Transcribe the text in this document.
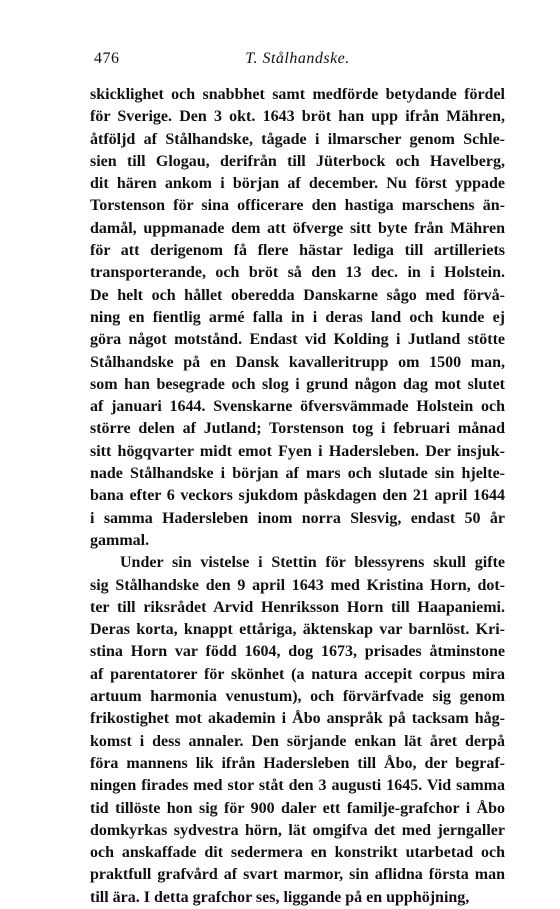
476	T. Stålhandske.
skicklighet och snabbhet samt medförde betydande fördel
för Sverige. Den 3 okt. 1643 bröt han upp ifrån Mähren,
åtföljd af Stålhandske, tågade i ilmarscher genom Schle-
sien till Glogau, derifrån till Jüterbock och Havelberg,
dit hären ankom i början af december. Nu först yppade
Torstenson för sina officerare den hastiga marschens än-
damål, uppmanade dem att öfverge sitt byte från Mähren
för att derigenom få flere hästar lediga till artilleriets
transporterande, och bröt så den 13 dec. in i Holstein.
De helt och hållet oberedda Danskarne sågo med förvå-
ning en fientlig armé falla in i deras land och kunde ej
göra något motstånd. Endast vid Kolding i Jutland stötte
Stålhandske på en Dansk kavalleritrupp om 1500 man,
som han besegrade och slog i grund någon dag mot slutet
af januari 1644. Svenskarne öfversvämmade Holstein och
större delen af Jutland; Torstenson tog i februari månad
sitt högqvarter midt emot Fyen i Hadersleben. Der insjuk-
nade Stålhandske i början af mars och slutade sin hjelte-
bana efter 6 veckors sjukdom påskdagen den 21 april 1644
i samma Hadersleben inom norra Slesvig, endast 50 år
gammal.
Under sin vistelse i Stettin för blessyrens skull gifte
sig Stålhandske den 9 april 1643 med Kristina Horn, dot-
ter till riksrådet Arvid Henriksson Horn till Haapaniemi.
Deras korta, knappt ettåriga, äktenskap var barnlöst. Kri-
stina Horn var född 1604, dog 1673, prisades åtminstone
af parentatorer för skönhet (a natura accepit corpus mira
artuum harmonia venustum), och förvärfvade sig genom
frikostighet mot akademin i Åbo anspråk på tacksam håg-
komst i dess annaler. Den sörjande enkan lät året derpå
föra mannens lik ifrån Hadersleben till Åbo, der begraf-
ningen firades med stor ståt den 3 augusti 1645. Vid samma
tid tillöste hon sig för 900 daler ett familje-grafchor i Åbo
domkyrkas sydvestra hörn, lät omgifva det med jerngaller
och anskaffade dit sedermera en konstrikt utarbetad och
praktfull grafvård af svart marmor, sin aflidna första man
till ära. I detta grafchor ses, liggande på en upphöjning,
